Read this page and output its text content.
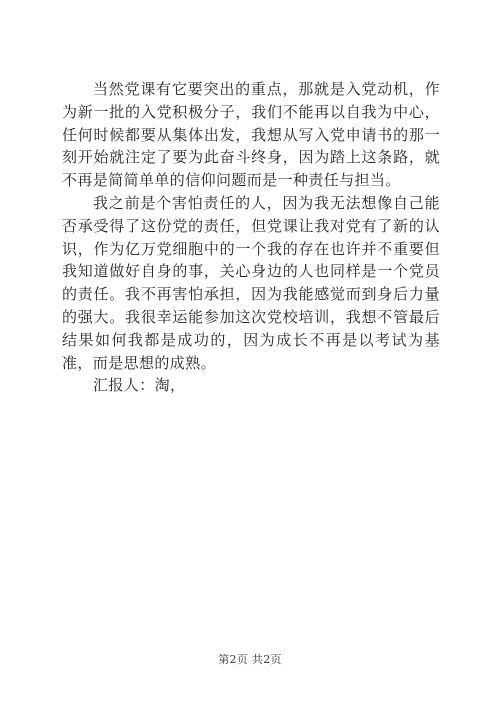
当然党课有它要突出的重点，那就是入党动机，作为新一批的入党积极分子，我们不能再以自我为中心，任何时候都要从集体出发，我想从写入党申请书的那一刻开始就注定了要为此奋斗终身，因为踏上这条路，就不再是简简单单的信仰问题而是一种责任与担当。

我之前是个害怕责任的人，因为我无法想像自己能否承受得了这份党的责任，但党课让我对党有了新的认识，作为亿万党细胞中的一个我的存在也许并不重要但我知道做好自身的事，关心身边的人也同样是一个党员的责任。我不再害怕承担，因为我能感觉而到身后力量的强大。我很幸运能参加这次党校培训，我想不管最后结果如何我都是成功的，因为成长不再是以考试为基准，而是思想的成熟。

汇报人：淘，

第2页 共2页
